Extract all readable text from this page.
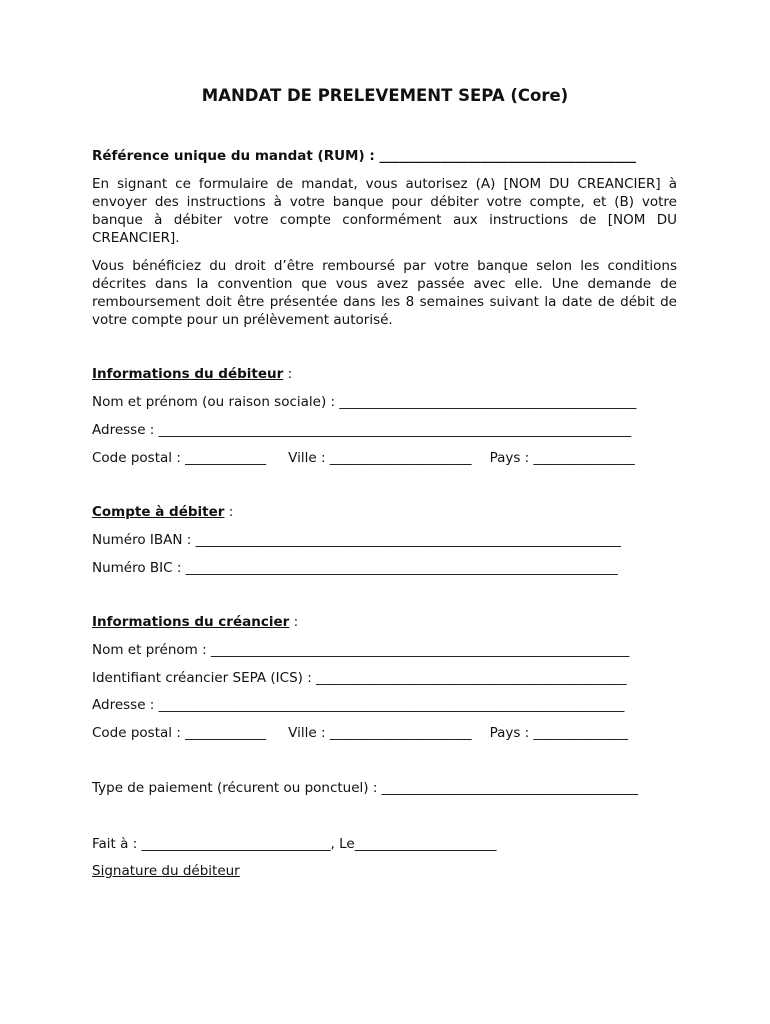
MANDAT DE PRELEVEMENT SEPA (Core)
Référence unique du mandat (RUM) : ______________________________________
En signant ce formulaire de mandat, vous autorisez (A) [NOM DU CREANCIER] à envoyer des instructions à votre banque pour débiter votre compte, et (B) votre banque à débiter votre compte conformément aux instructions de [NOM DU CREANCIER].
Vous bénéficiez du droit d’être remboursé par votre banque selon les conditions décrites dans la convention que vous avez passée avec elle. Une demande de remboursement doit être présentée dans les 8 semaines suivant la date de débit de votre compte pour un prélèvement autorisé.
Informations du débiteur :
Nom et prénom (ou raison sociale) : ____________________________________________
Adresse : ______________________________________________________________________
Code postal : ____________ Ville : _____________________ Pays : _______________
Compte à débiter :
Numéro IBAN : _______________________________________________________________
Numéro BIC : ________________________________________________________________
Informations du créancier :
Nom et prénom : ______________________________________________________________
Identifiant créancier SEPA (ICS) : ______________________________________________
Adresse : _____________________________________________________________________
Code postal : ____________ Ville : _____________________ Pays : ______________
Type de paiement (récurent ou ponctuel) : ______________________________________
Fait à : ____________________________, Le_____________________
Signature du débiteur
